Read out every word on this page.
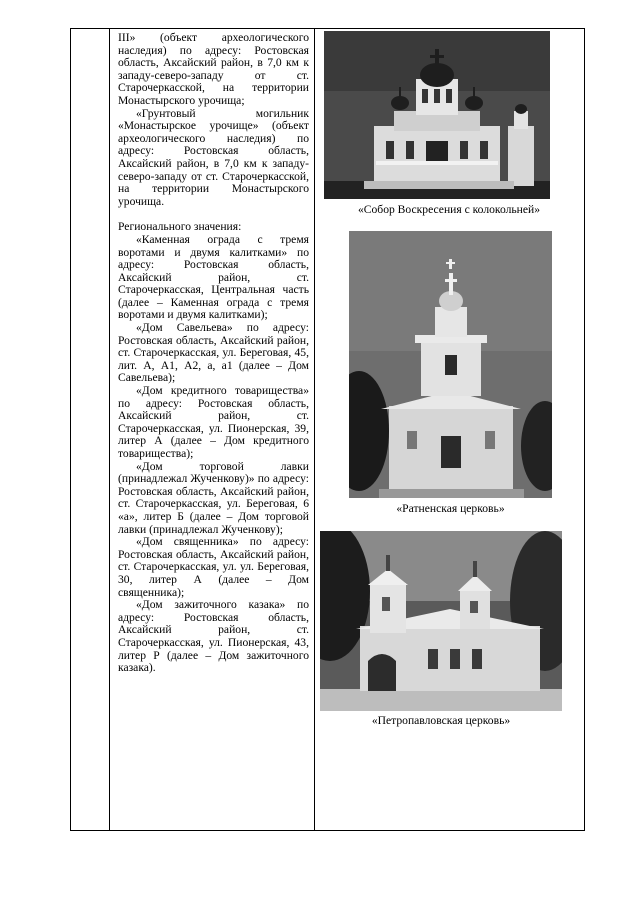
III» (объект археологического наследия) по адресу: Ростовская область, Аксайский район, в 7,0 км к западу-северо-западу от ст. Старочеркасской, на территории Монастырского урочища;

«Грунтовый могильник «Монастырское урочище» (объект археологического наследия) по адресу: Ростовская область, Аксайский район, в 7,0 км к западу-северо-западу от ст. Старочеркасской, на территории Монастырского урочища.

Регионального значения:

«Каменная ограда с тремя воротами и двумя калитками» по адресу: Ростовская область, Аксайский район, ст. Старочеркасская, Центральная часть (далее – Каменная ограда с тремя воротами и двумя калитками);

«Дом Савельева» по адресу: Ростовская область, Аксайский район, ст. Старочеркасская, ул. Береговая, 45, лит. А, А1, А2, а, а1 (далее – Дом Савельева);

«Дом кредитного товарищества» по адресу: Ростовская область, Аксайский район, ст. Старочеркасская, ул. Пионерская, 39, литер А (далее – Дом кредитного товарищества);

«Дом торговой лавки (принадлежал Жученкову)» по адресу: Ростовская область, Аксайский район, ст. Старочеркасская, ул. Береговая, 6 «а», литер Б (далее – Дом торговой лавки (принадлежал Жученкову);

«Дом священника» по адресу: Ростовская область, Аксайский район, ст. Старочеркасская, ул. ул. Береговая, 30, литер А (далее – Дом священника);

«Дом зажиточного казака» по адресу: Ростовская область, Аксайский район, ст. Старочеркасская, ул. Пионерская, 43, литер Р (далее – Дом зажиточного казака).

«Собор Воскресения с колокольней»
«Ратненская церковь»
«Петропавловская церковь»
